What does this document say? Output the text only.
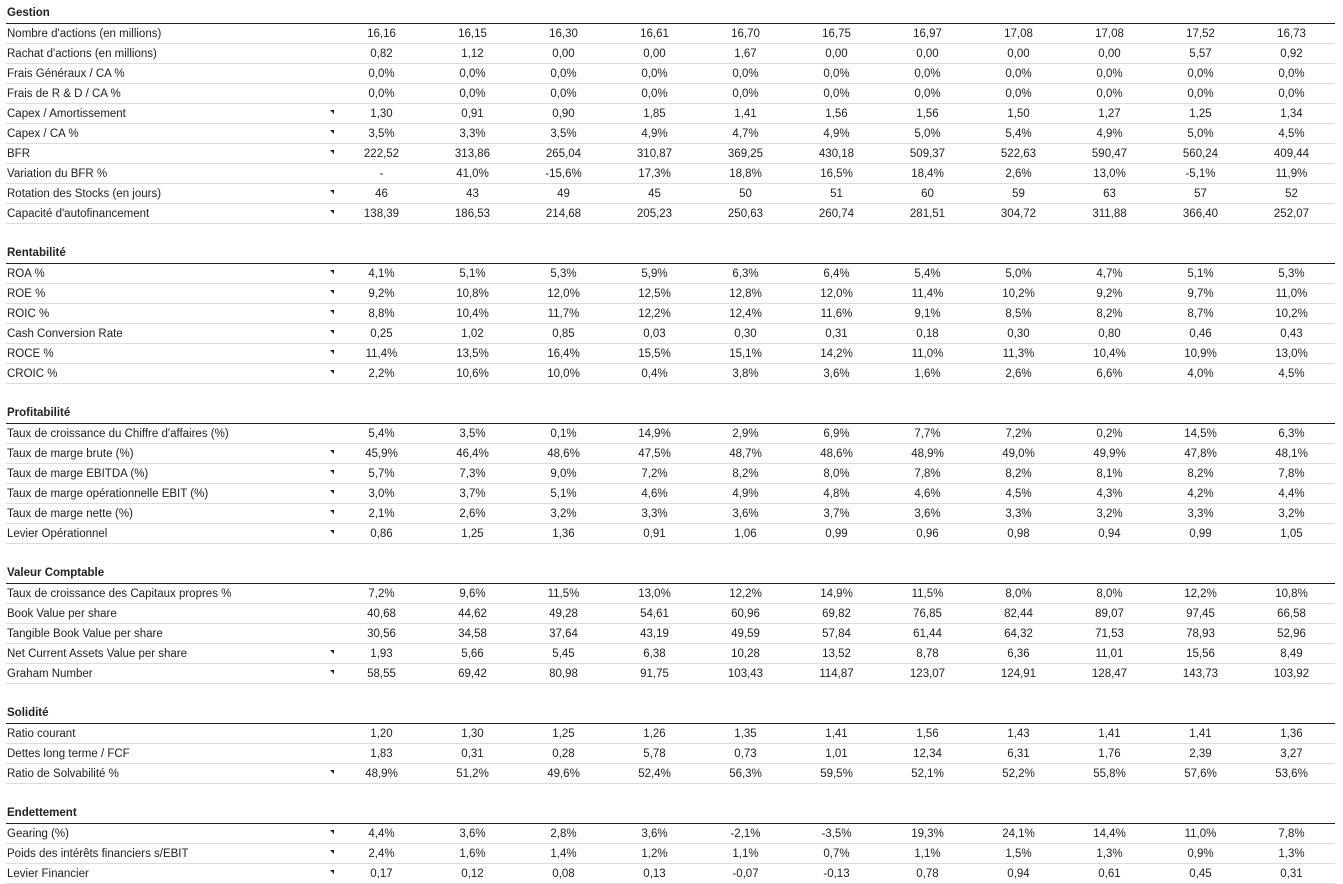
Gestion
Nombre d'actions (en millions)	16,16	16,15	16,30	16,61	16,70	16,75	16,97	17,08	17,08	17,52	16,73
Rachat d'actions (en millions)	0,82	1,12	0,00	0,00	1,67	0,00	0,00	0,00	0,00	5,57	0,92
Frais Généraux / CA %	0,0%	0,0%	0,0%	0,0%	0,0%	0,0%	0,0%	0,0%	0,0%	0,0%	0,0%
Frais de R & D / CA %	0,0%	0,0%	0,0%	0,0%	0,0%	0,0%	0,0%	0,0%	0,0%	0,0%	0,0%
Capex / Amortissement	1,30	0,91	0,90	1,85	1,41	1,56	1,56	1,50	1,27	1,25	1,34
Capex / CA %	3,5%	3,3%	3,5%	4,9%	4,7%	4,9%	5,0%	5,4%	4,9%	5,0%	4,5%
BFR	222,52	313,86	265,04	310,87	369,25	430,18	509,37	522,63	590,47	560,24	409,44
Variation du BFR %	-	41,0%	-15,6%	17,3%	18,8%	16,5%	18,4%	2,6%	13,0%	-5,1%	11,9%
Rotation des Stocks (en jours)	46	43	49	45	50	51	60	59	63	57	52
Capacité d'autofinancement	138,39	186,53	214,68	205,23	250,63	260,74	281,51	304,72	311,88	366,40	252,07
Rentabilité
ROA %	4,1%	5,1%	5,3%	5,9%	6,3%	6,4%	5,4%	5,0%	4,7%	5,1%	5,3%
ROE %	9,2%	10,8%	12,0%	12,5%	12,8%	12,0%	11,4%	10,2%	9,2%	9,7%	11,0%
ROIC %	8,8%	10,4%	11,7%	12,2%	12,4%	11,6%	9,1%	8,5%	8,2%	8,7%	10,2%
Cash Conversion Rate	0,25	1,02	0,85	0,03	0,30	0,31	0,18	0,30	0,80	0,46	0,43
ROCE %	11,4%	13,5%	16,4%	15,5%	15,1%	14,2%	11,0%	11,3%	10,4%	10,9%	13,0%
CROIC %	2,2%	10,6%	10,0%	0,4%	3,8%	3,6%	1,6%	2,6%	6,6%	4,0%	4,5%
Profitabilité
Taux de croissance du Chiffre d'affaires (%)	5,4%	3,5%	0,1%	14,9%	2,9%	6,9%	7,7%	7,2%	0,2%	14,5%	6,3%
Taux de marge brute (%)	45,9%	46,4%	48,6%	47,5%	48,7%	48,6%	48,9%	49,0%	49,9%	47,8%	48,1%
Taux de marge EBITDA (%)	5,7%	7,3%	9,0%	7,2%	8,2%	8,0%	7,8%	8,2%	8,1%	8,2%	7,8%
Taux de marge opérationnelle EBIT (%)	3,0%	3,7%	5,1%	4,6%	4,9%	4,8%	4,6%	4,5%	4,3%	4,2%	4,4%
Taux de marge nette (%)	2,1%	2,6%	3,2%	3,3%	3,6%	3,7%	3,6%	3,3%	3,2%	3,3%	3,2%
Levier Opérationnel	0,86	1,25	1,36	0,91	1,06	0,99	0,96	0,98	0,94	0,99	1,05
Valeur Comptable
Taux de croissance des Capitaux propres %	7,2%	9,6%	11,5%	13,0%	12,2%	14,9%	11,5%	8,0%	8,0%	12,2%	10,8%
Book Value per share	40,68	44,62	49,28	54,61	60,96	69,82	76,85	82,44	89,07	97,45	66,58
Tangible Book Value per share	30,56	34,58	37,64	43,19	49,59	57,84	61,44	64,32	71,53	78,93	52,96
Net Current Assets Value per share	1,93	5,66	5,45	6,38	10,28	13,52	8,78	6,36	11,01	15,56	8,49
Graham Number	58,55	69,42	80,98	91,75	103,43	114,87	123,07	124,91	128,47	143,73	103,92
Solidité
Ratio courant	1,20	1,30	1,25	1,26	1,35	1,41	1,56	1,43	1,41	1,41	1,36
Dettes long terme / FCF	1,83	0,31	0,28	5,78	0,73	1,01	12,34	6,31	1,76	2,39	3,27
Ratio de Solvabilité %	48,9%	51,2%	49,6%	52,4%	56,3%	59,5%	52,1%	52,2%	55,8%	57,6%	53,6%
Endettement
Gearing (%)	4,4%	3,6%	2,8%	3,6%	-2,1%	-3,5%	19,3%	24,1%	14,4%	11,0%	7,8%
Poids des intérêts financiers s/EBIT	2,4%	1,6%	1,4%	1,2%	1,1%	0,7%	1,1%	1,5%	1,3%	0,9%	1,3%
Levier Financier	0,17	0,12	0,08	0,13	-0,07	-0,13	0,78	0,94	0,61	0,45	0,31
